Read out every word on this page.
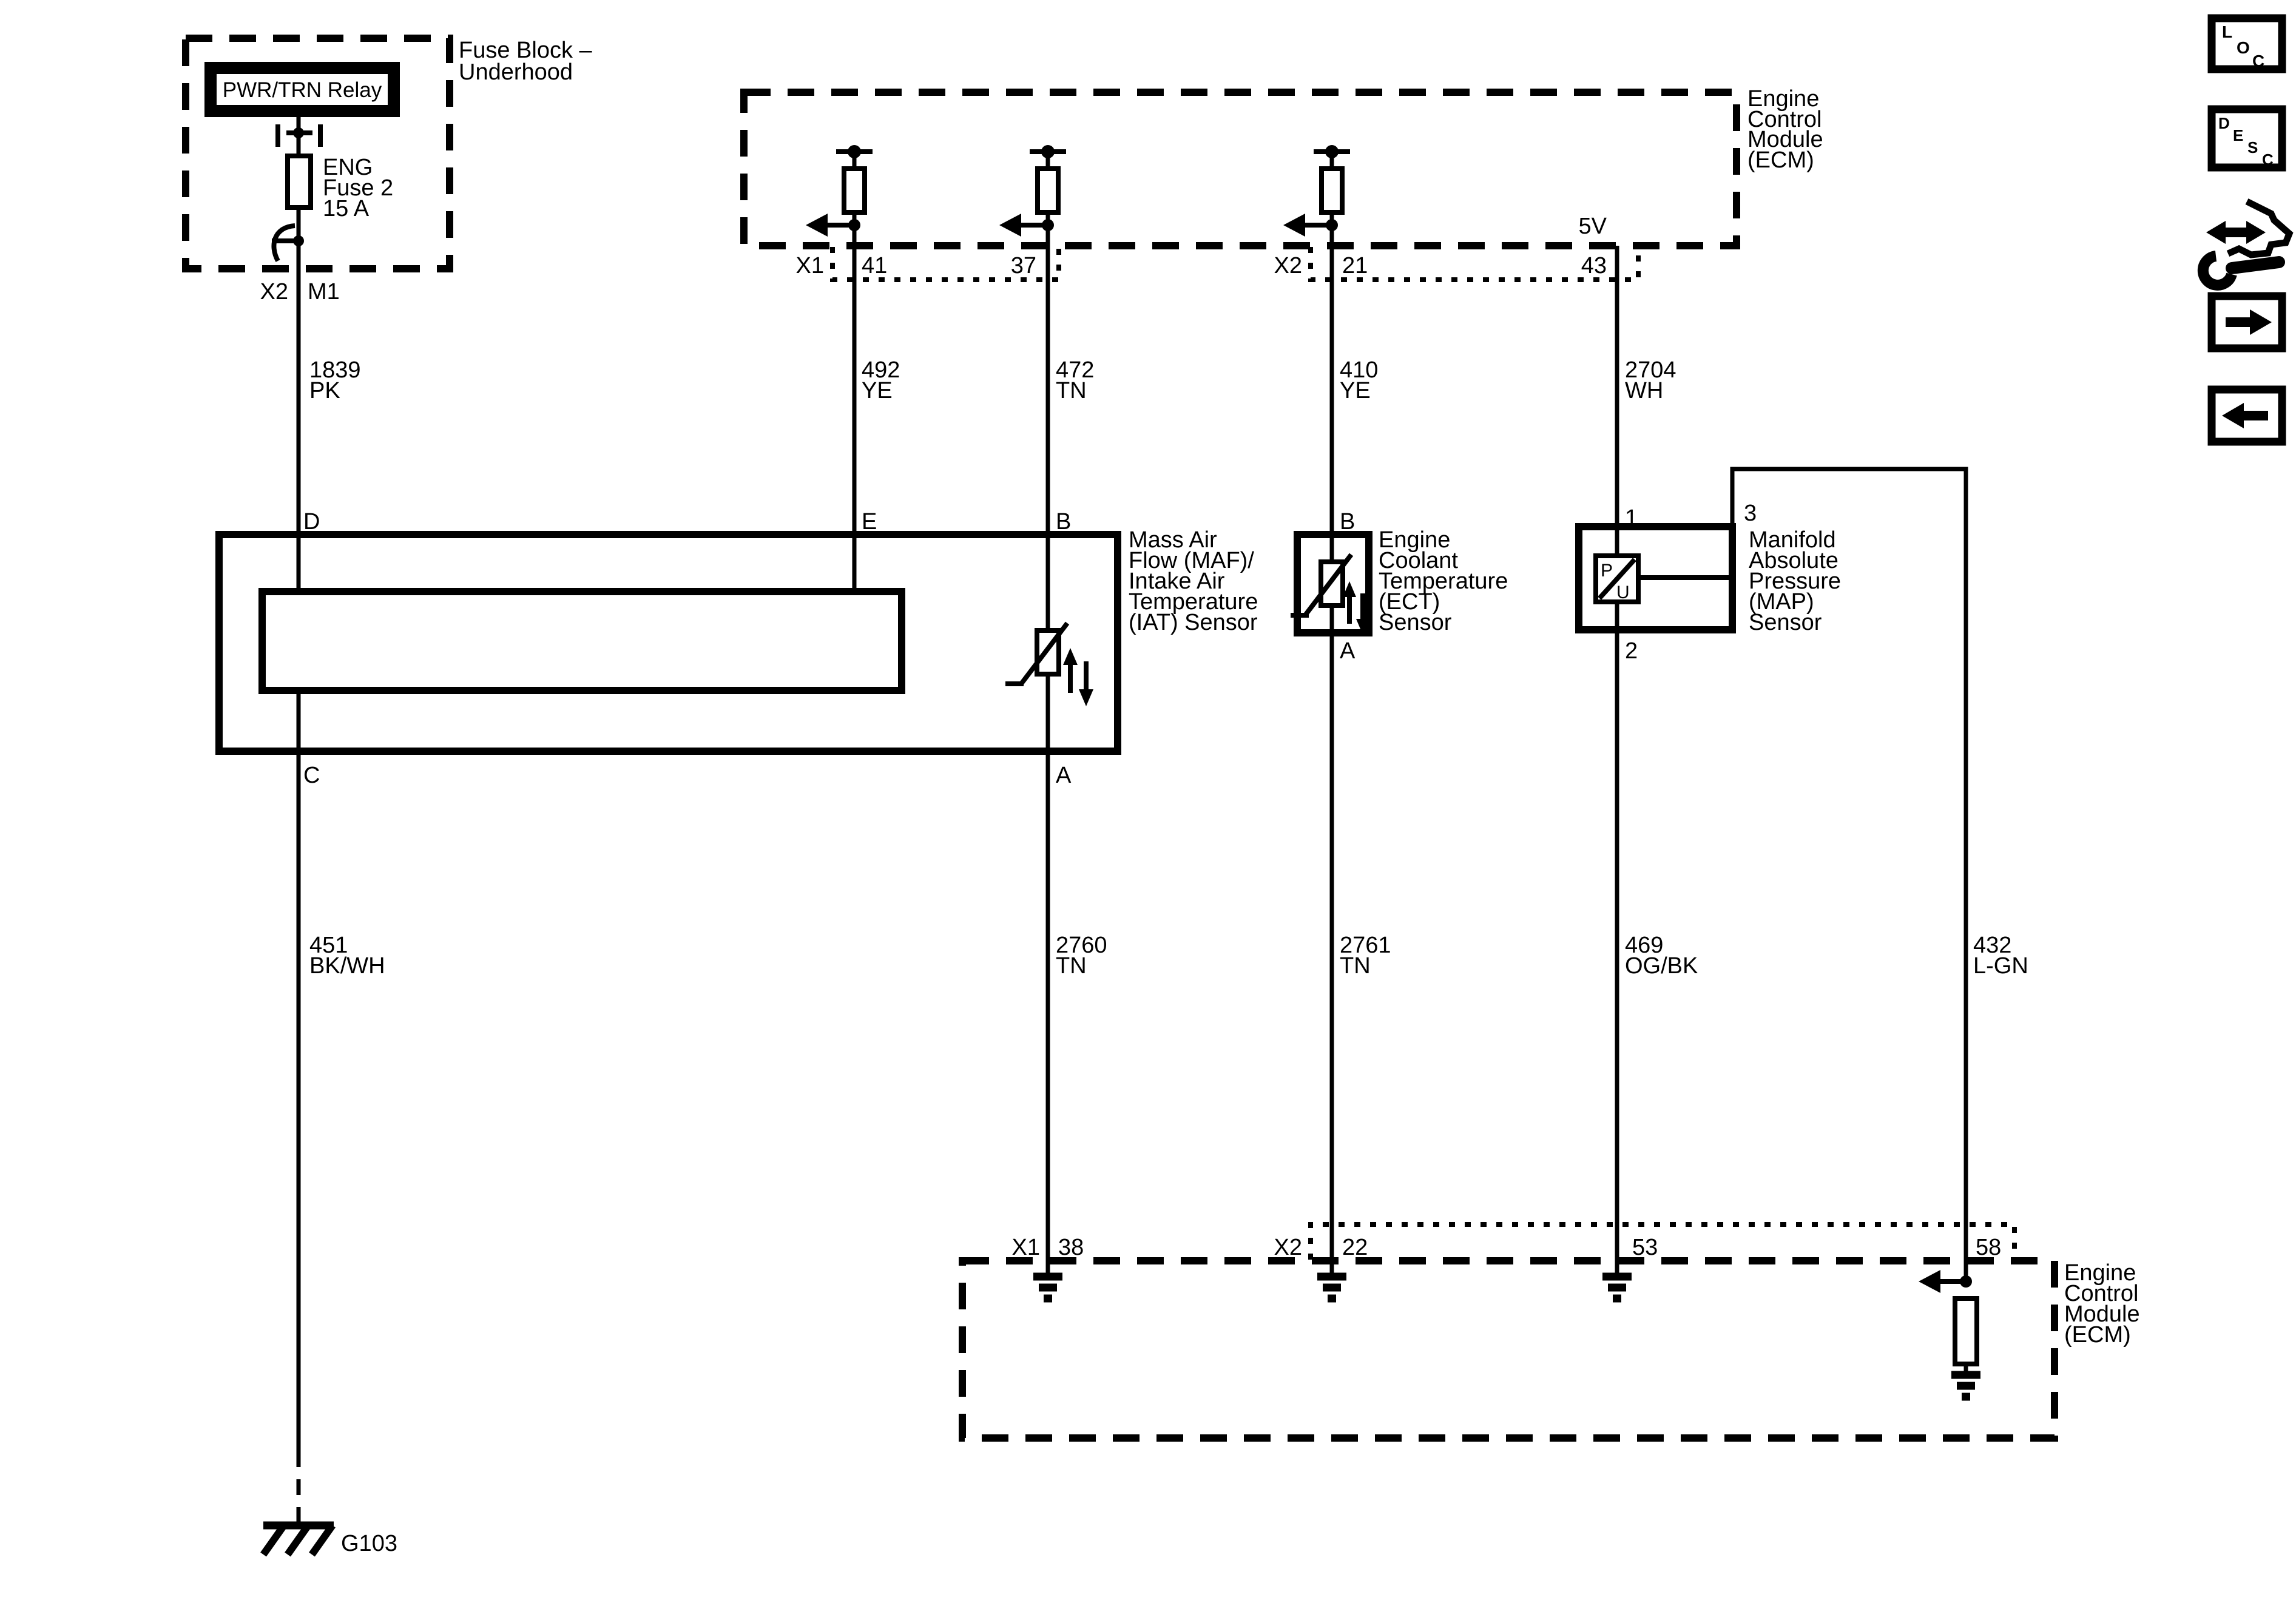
Fuse Block –
Underhood
PWR/TRN Relay
ENG
Fuse 2
15 A
X2 M1
Engine
Control
Module
(ECM)
5V
X1 41	37	X2 21	43
1839
PK
492
YE
472
TN
410
YE
2704
WH
D	E	B
Mass Air
Flow (MAF)/
Intake Air
Temperature
(IAT) Sensor
C	A
B
Engine
Coolant
Temperature
(ECT)
Sensor
A
1	3
P
U
Manifold
Absolute
Pressure
(MAP)
Sensor
2
451
BK/WH
2760
TN
2761
TN
469
OG/BK
432
L-GN
X1 38	X2 22	53	58
Engine
Control
Module
(ECM)
G103
L
O
C
D
E
S
C
